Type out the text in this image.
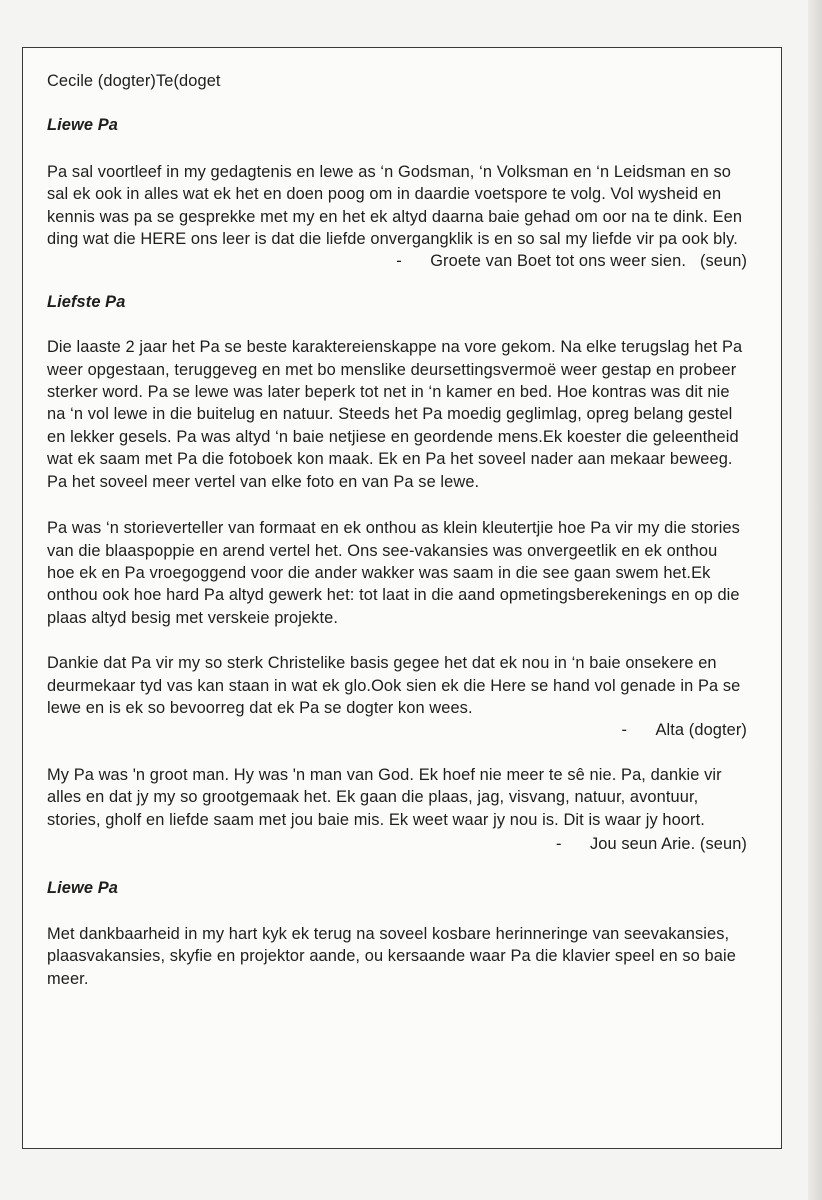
Cecile (dogter)Te(doget

Liewe Pa

Pa sal voortleef in my gedagtenis en lewe as ‘n Godsman, ‘n Volksman en ‘n Leidsman en so sal ek ook in alles wat ek het en doen poog om in daardie voetspore te volg. Vol wysheid en kennis was pa se gesprekke met my en het ek altyd daarna baie gehad om oor na te dink. Een ding wat die HERE ons leer is dat die liefde onvergangklik is en so sal my liefde vir pa ook bly.

- Groete van Boet tot ons weer sien.   (seun)

Liefste Pa

Die laaste 2 jaar het Pa se beste karaktereienskappe na vore gekom. Na elke terugslag het Pa weer opgestaan, teruggeveg en met bo menslike deursettingsvermoë weer gestap en probeer sterker word. Pa se lewe was later beperk tot net in ‘n kamer en bed. Hoe kontras was dit nie na ‘n vol lewe in die buitelug en natuur. Steeds het Pa moedig geglimlag, opreg belang gestel en lekker gesels. Pa was altyd ‘n baie netjiese en geordende mens.Ek koester die geleentheid wat ek saam met Pa die fotoboek kon maak. Ek en Pa het soveel nader aan mekaar beweeg. Pa het soveel meer vertel van elke foto en van Pa se lewe.

Pa was ‘n storieverteller van formaat en ek onthou as klein kleutertjie hoe Pa vir my die stories van die blaaspoppie en arend vertel het. Ons see-vakansies was onvergeetlik en ek onthou hoe ek en Pa vroegoggend voor die ander wakker was saam in die see gaan swem het.Ek onthou ook hoe hard Pa altyd gewerk het: tot laat in die aand opmetingsberekenings en op die plaas altyd besig met verskeie projekte.

Dankie dat Pa vir my so sterk Christelike basis gegee het dat ek nou in ‘n baie onsekere en deurmekaar tyd vas kan staan in wat ek glo.Ook sien ek die Here se hand vol genade in Pa se lewe en is ek so bevoorreg dat ek Pa se dogter kon wees.

- Alta (dogter)

My Pa was 'n groot man. Hy was 'n man van God. Ek hoef nie meer te sê nie. Pa, dankie vir alles en dat jy my so grootgemaak het. Ek gaan die plaas, jag, visvang, natuur, avontuur, stories, gholf en liefde saam met jou baie mis. Ek weet waar jy nou is. Dit is waar jy hoort.

- Jou seun Arie. (seun)

Liewe Pa

Met dankbaarheid in my hart kyk ek terug na soveel kosbare herinneringe van seevakansies, plaasvakansies, skyfie en projektor aande, ou kersaande waar Pa die klavier speel en so baie meer.
